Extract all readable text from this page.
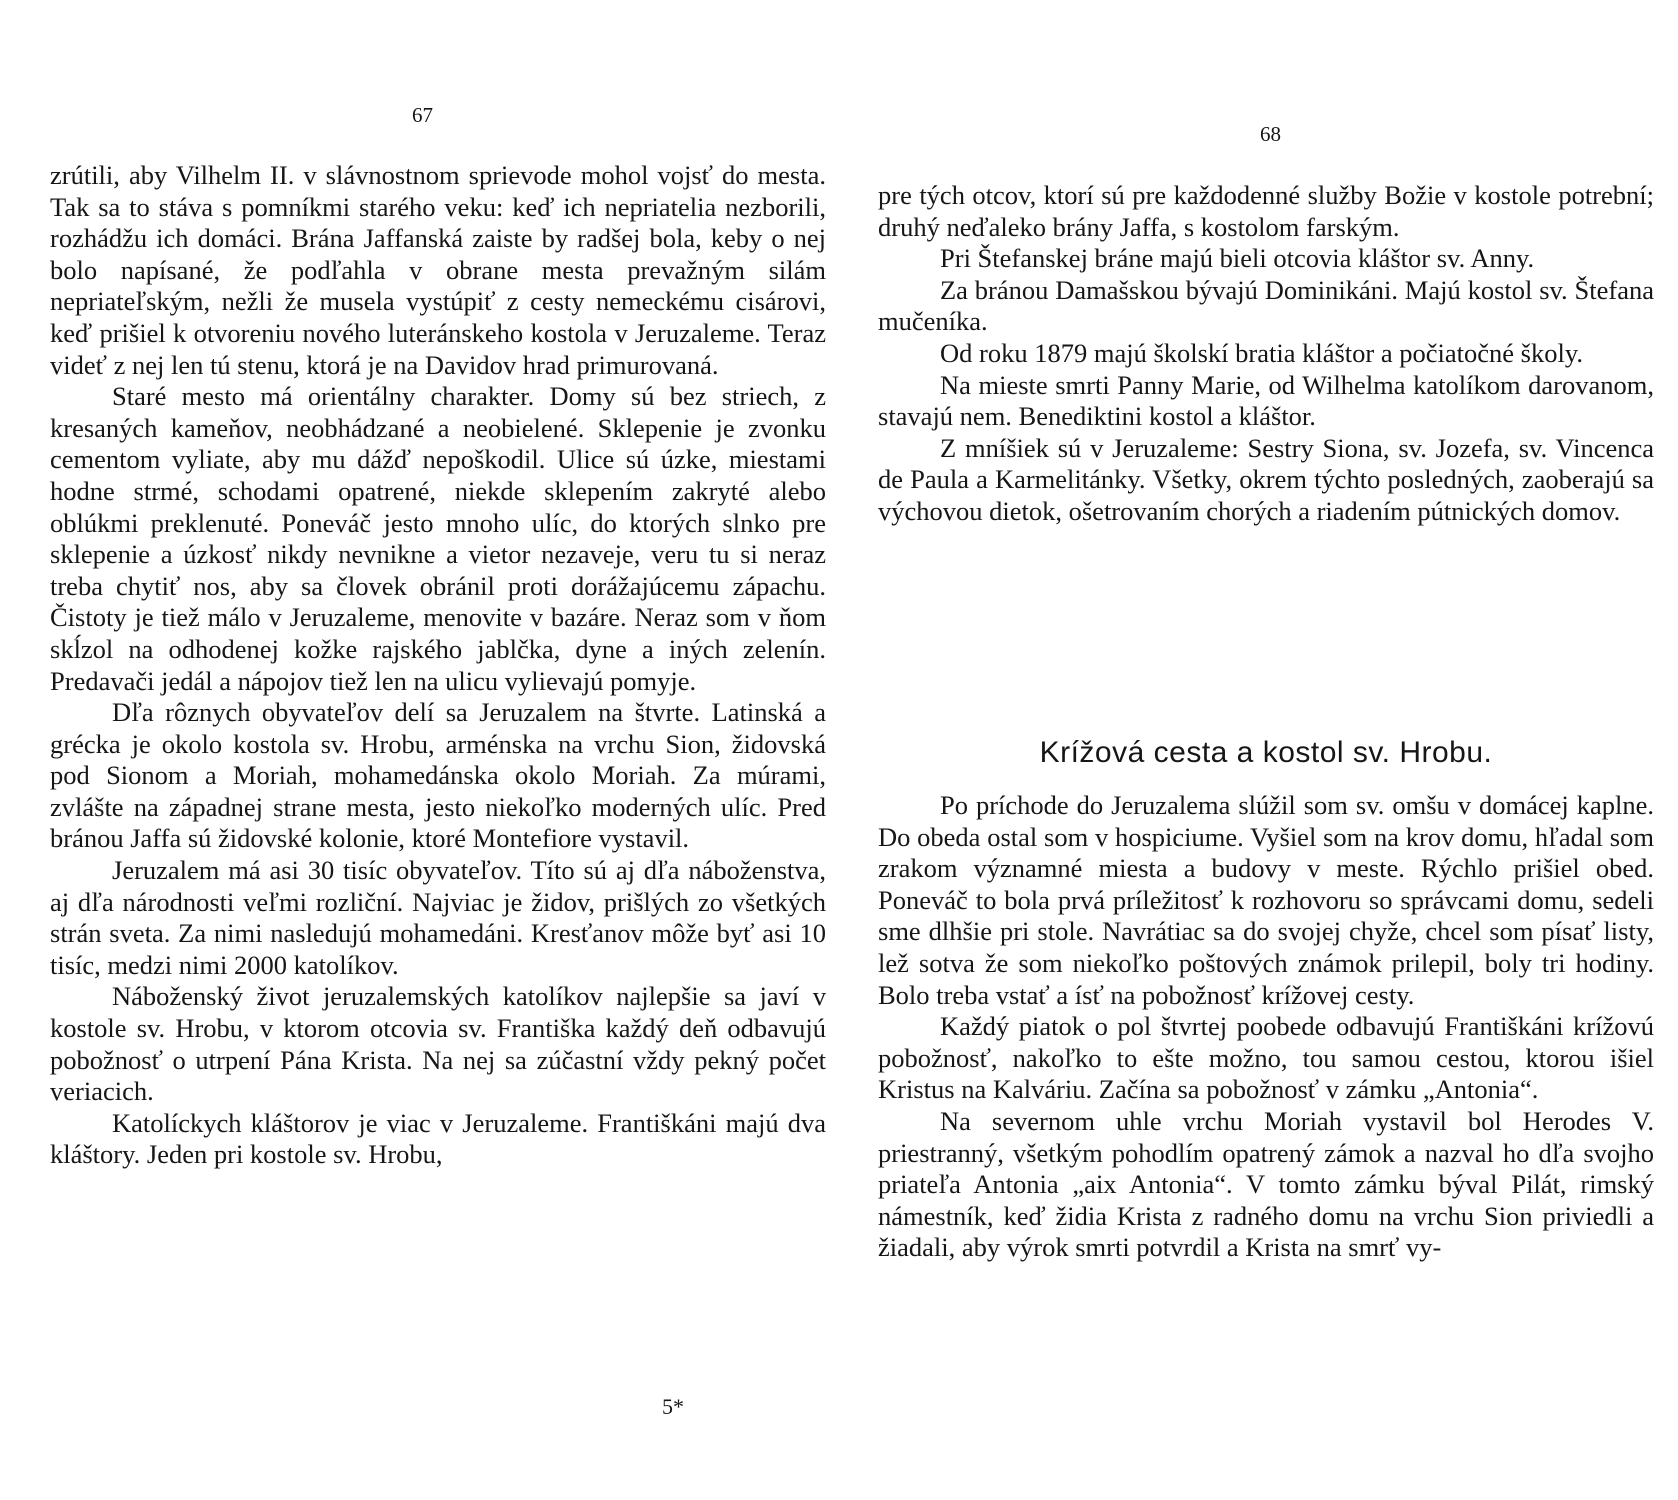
67

zrútili, aby Vilhelm II. v slávnostnom sprievode mohol vojsť do mesta. Tak sa to stáva s pomníkmi starého veku: keď ich nepriatelia nezborili, rozhádžu ich domáci. Brána Jaffanská zaiste by radšej bola, keby o nej bolo napísané, že podľahla v obrane mesta prevažným silám nepriateľským, nežli že musela vystúpiť z cesty nemeckému cisárovi, keď prišiel k otvoreniu nového luteránskeho kostola v Jeruzaleme. Teraz videť z nej len tú stenu, ktorá je na Davidov hrad primurovaná.

Staré mesto má orientálny charakter. Domy sú bez striech, z kresaných kameňov, neobhádzané a neobielené. Sklepenie je zvonku cementom vyliate, aby mu dážď nepoškodil. Ulice sú úzke, miestami hodne strmé, schodami opatrené, niekde sklepením zakryté alebo oblúkmi preklenuté. Poneváč jesto mnoho ulíc, do ktorých slnko pre sklepenie a úzkosť nikdy nevnikne a vietor nezaveje, veru tu si neraz treba chytiť nos, aby sa človek obránil proti dorážajúcemu zápachu. Čistoty je tiež málo v Jeruzaleme, menovite v bazáre. Neraz som v ňom skĺzol na odhodenej kožke rajského jablčka, dyne a iných zelenín. Predavači jedál a nápojov tiež len na ulicu vylievajú pomyje.

Dľa rôznych obyvateľov delí sa Jeruzalem na štvrte. Latinská a grécka je okolo kostola sv. Hrobu, arménska na vrchu Sion, židovská pod Sionom a Moriah, mohamedánska okolo Moriah. Za múrami, zvlášte na západnej strane mesta, jesto niekoľko moderných ulíc. Pred bránou Jaffa sú židovské kolonie, ktoré Montefiore vystavil.

Jeruzalem má asi 30 tisíc obyvateľov. Títo sú aj dľa náboženstva, aj dľa národnosti veľmi rozliční. Najviac je židov, prišlých zo všetkých strán sveta. Za nimi nasledujú mohamedáni. Kresťanov môže byť asi 10 tisíc, medzi nimi 2000 katolíkov.

Náboženský život jeruzalemských katolíkov najlepšie sa javí v kostole sv. Hrobu, v ktorom otcovia sv. Františka každý deň odbavujú pobožnosť o utrpení Pána Krista. Na nej sa zúčastní vždy pekný počet veriacich.

Katolíckych kláštorov je viac v Jeruzaleme. Františkáni majú dva kláštory. Jeden pri kostole sv. Hrobu,

5*
68

pre tých otcov, ktorí sú pre každodenné služby Božie v kostole potrební; druhý neďaleko brány Jaffa, s kostolom farským.

Pri Štefanskej bráne majú bieli otcovia kláštor sv. Anny.

Za bránou Damašskou bývajú Dominikáni. Majú kostol sv. Štefana mučeníka.

Od roku 1879 majú školskí bratia kláštor a počiatočné školy.

Na mieste smrti Panny Marie, od Wilhelma katolíkom darovanom, stavajú nem. Benediktini kostol a kláštor.

Z mníšiek sú v Jeruzaleme: Sestry Siona, sv. Jozefa, sv. Vincenca de Paula a Karmelitánky. Všetky, okrem týchto posledných, zaoberajú sa výchovou dietok, ošetrovaním chorých a riadením pútnických domov.

Krížová cesta a kostol sv. Hrobu.

Po príchode do Jeruzalema slúžil som sv. omšu v domácej kaplne. Do obeda ostal som v hospiciume. Vyšiel som na krov domu, hľadal som zrakom významné miesta a budovy v meste. Rýchlo prišiel obed. Poneváč to bola prvá príležitosť k rozhovoru so správcami domu, sedeli sme dlhšie pri stole. Navrátiac sa do svojej chyže, chcel som písať listy, lež sotva že som niekoľko poštových známok prilepil, boly tri hodiny. Bolo treba vstať a ísť na pobožnosť krížovej cesty.

Každý piatok o pol štvrtej poobede odbavujú Františkáni krížovú pobožnosť, nakoľko to ešte možno, tou samou cestou, ktorou išiel Kristus na Kalváriu. Začína sa pobožnosť v zámku „Antonia“.

Na severnom uhle vrchu Moriah vystavil bol Herodes V. priestranný, všetkým pohodlím opatrený zámok a nazval ho dľa svojho priateľa Antonia „aix Antonia“. V tomto zámku býval Pilát, rimský námestník, keď židia Krista z radného domu na vrchu Sion priviedli a žiadali, aby výrok smrti potvrdil a Krista na smrť vy-
